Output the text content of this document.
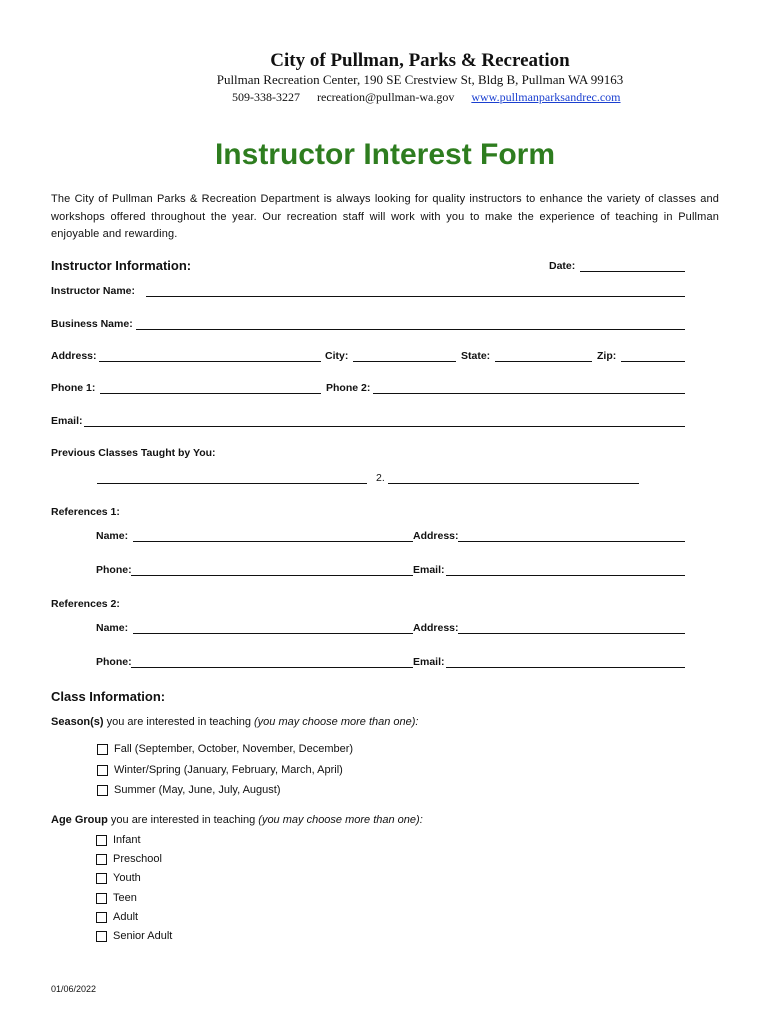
City of Pullman, Parks & Recreation
Pullman Recreation Center, 190 SE Crestview St, Bldg B, Pullman WA 99163
509-338-3227 recreation@pullman-wa.gov www.pullmanparksandrec.com
Instructor Interest Form
The City of Pullman Parks & Recreation Department is always looking for quality instructors to enhance the variety of classes and workshops offered throughout the year. Our recreation staff will work with you to make the experience of teaching in Pullman enjoyable and rewarding.
Instructor Information:	Date:
Instructor Name:
Business Name:
Address:	City:	State:	Zip:
Phone 1:	Phone 2:
Email:
Previous Classes Taught by You:
2.
References 1:
Name:	Address:
Phone:	Email:
References 2:
Name:	Address:
Phone:	Email:
Class Information:
Season(s) you are interested in teaching (you may choose more than one):
Fall (September, October, November, December)
Winter/Spring (January, February, March, April)
Summer (May, June, July, August)
Age Group you are interested in teaching (you may choose more than one):
Infant
Preschool
Youth
Teen
Adult
Senior Adult
01/06/2022
